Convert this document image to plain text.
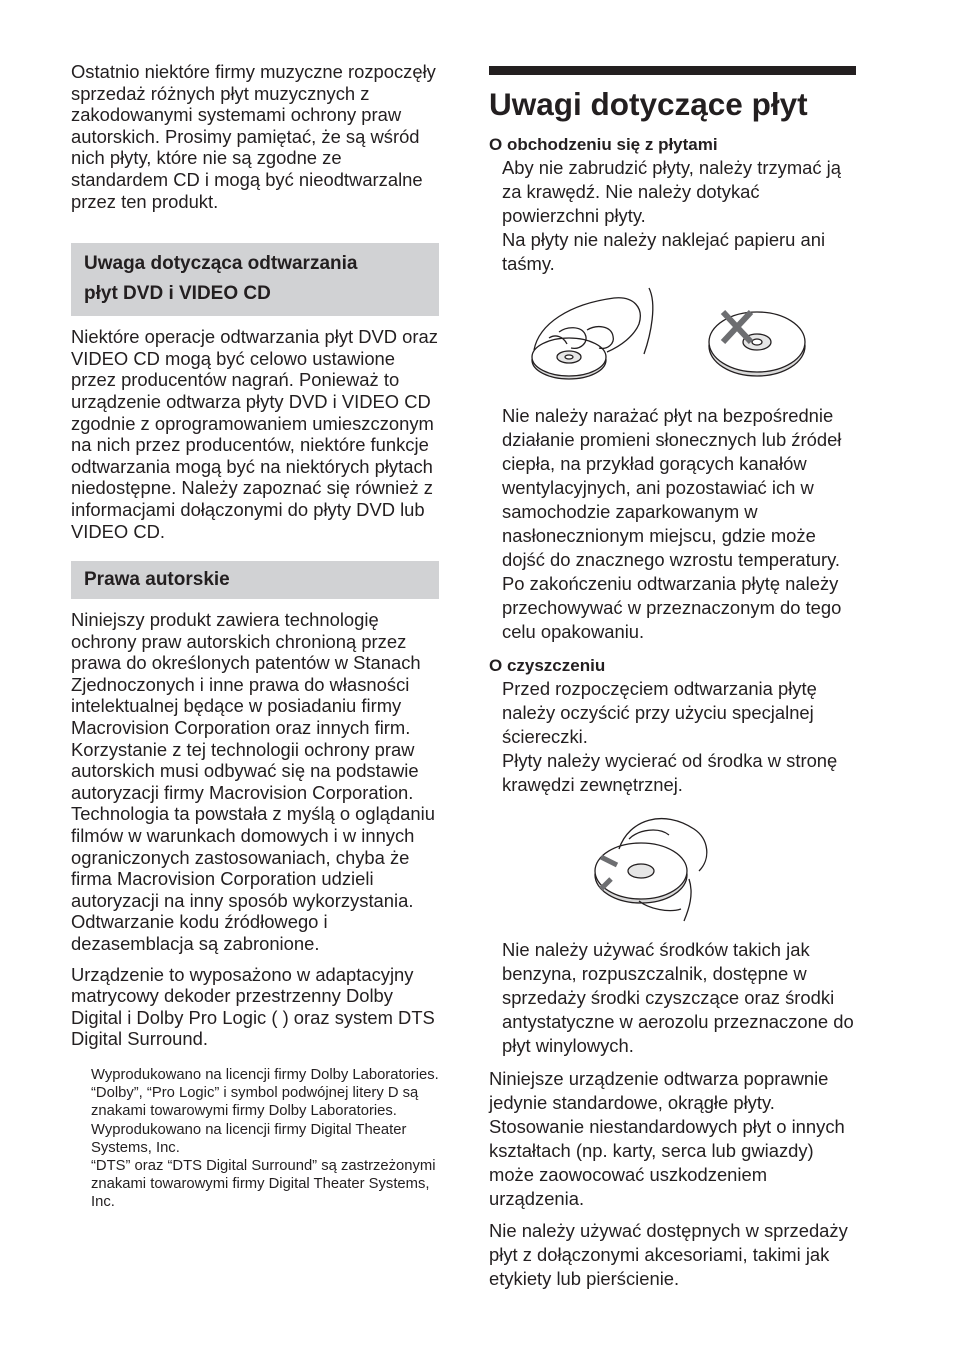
Ostatnio niektóre firmy muzyczne rozpoczęły sprzedaż różnych płyt muzycznych z zakodowanymi systemami ochrony praw autorskich. Prosimy pamiętać, że są wśród nich płyty, które nie są zgodne ze standardem CD i mogą być nieodtwarzalne przez ten produkt.

Uwaga dotycząca odtwarzania
płyt DVD i VIDEO CD

Niektóre operacje odtwarzania płyt DVD oraz VIDEO CD mogą być celowo ustawione przez producentów nagrań. Ponieważ to urządzenie odtwarza płyty DVD i VIDEO CD zgodnie z oprogramowaniem umieszczonym na nich przez producentów, niektóre funkcje odtwarzania mogą być na niektórych płytach niedostępne. Należy zapoznać się również z informacjami dołączonymi do płyty DVD lub VIDEO CD.

Prawa autorskie

Niniejszy produkt zawiera technologię ochrony praw autorskich chronioną przez prawa do określonych patentów w Stanach Zjednoczonych i inne prawa do własności intelektualnej będące w posiadaniu firmy Macrovision Corporation oraz innych firm. Korzystanie z tej technologii ochrony praw autorskich musi odbywać się na podstawie autoryzacji firmy Macrovision Corporation. Technologia ta powstała z myślą o oglądaniu filmów w warunkach domowych i w innych ograniczonych zastosowaniach, chyba że firma Macrovision Corporation udzieli autoryzacji na inny sposób wykorzystania. Odtwarzanie kodu źródłowego i dezasemblacja są zabronione.

Urządzenie to wyposażono w adaptacyjny matrycowy dekoder przestrzenny Dolby Digital i Dolby Pro Logic ( ) oraz system DTS Digital Surround.

Wyprodukowano na licencji firmy Dolby Laboratories.
“Dolby”, “Pro Logic” i symbol podwójnej litery D są znakami towarowymi firmy Dolby Laboratories.
Wyprodukowano na licencji firmy Digital Theater Systems, Inc.
“DTS” oraz “DTS Digital Surround” są zastrzeżonymi znakami towarowymi firmy Digital Theater Systems, Inc.
Uwagi dotyczące płyt
O obchodzeniu się z płytami

Aby nie zabrudzić płyty, należy trzymać ją za krawędź. Nie należy dotykać powierzchni płyty.

Na płyty nie należy naklejać papieru ani taśmy.

Nie należy narażać płyt na bezpośrednie działanie promieni słonecznych lub źródeł ciepła, na przykład gorących kanałów wentylacyjnych, ani pozostawiać ich w samochodzie zaparkowanym w nasłonecznionym miejscu, gdzie może dojść do znacznego wzrostu temperatury.

Po zakończeniu odtwarzania płytę należy przechowywać w przeznaczonym do tego celu opakowaniu.

O czyszczeniu

Przed rozpoczęciem odtwarzania płytę należy oczyścić przy użyciu specjalnej ściereczki.

Płyty należy wycierać od środka w stronę krawędzi zewnętrznej.

Nie należy używać środków takich jak benzyna, rozpuszczalnik, dostępne w sprzedaży środki czyszczące oraz środki antystatyczne w aerozolu przeznaczone do płyt winylowych.

Niniejsze urządzenie odtwarza poprawnie jedynie standardowe, okrągłe płyty. Stosowanie niestandardowych płyt o innych kształtach (np. karty, serca lub gwiazdy) może zaowocować uszkodzeniem urządzenia.

Nie należy używać dostępnych w sprzedaży płyt z dołączonymi akcesoriami, takimi jak etykiety lub pierścienie.
